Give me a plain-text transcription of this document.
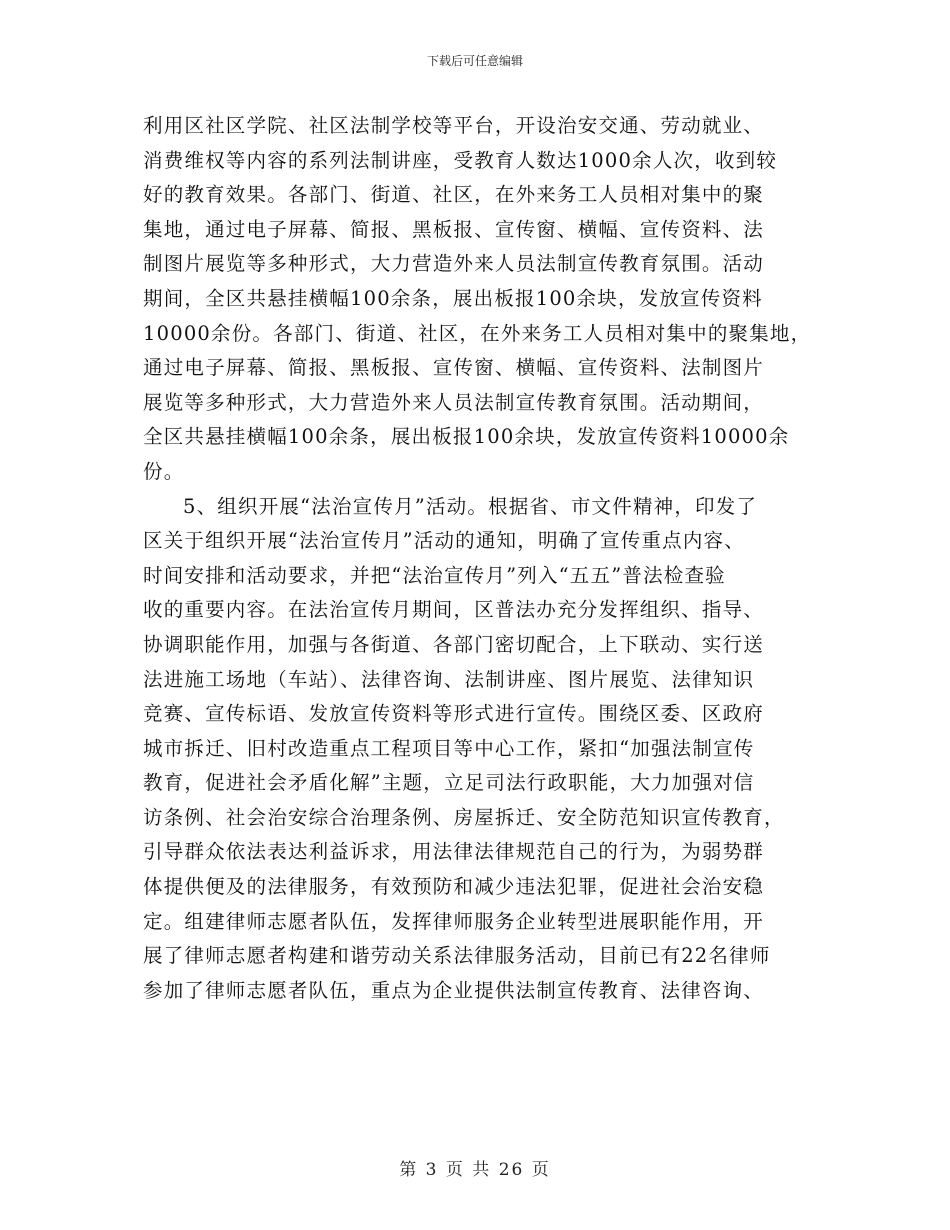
下载后可任意编辑
利用区社区学院、社区法制学校等平台，开设治安交通、劳动就业、
消费维权等内容的系列法制讲座，受教育人数达1000余人次，收到较
好的教育效果。各部门、街道、社区，在外来务工人员相对集中的聚
集地，通过电子屏幕、简报、黑板报、宣传窗、横幅、宣传资料、法
制图片展览等多种形式，大力营造外来人员法制宣传教育氛围。活动
期间，全区共悬挂横幅100余条，展出板报100余块，发放宣传资料
10000余份。各部门、街道、社区，在外来务工人员相对集中的聚集地，
通过电子屏幕、简报、黑板报、宣传窗、横幅、宣传资料、法制图片
展览等多种形式，大力营造外来人员法制宣传教育氛围。活动期间，
全区共悬挂横幅100余条，展出板报100余块，发放宣传资料10000余
份。
5、组织开展“法治宣传月”活动。根据省、市文件精神，印发了
区关于组织开展“法治宣传月”活动的通知，明确了宣传重点内容、
时间安排和活动要求，并把“法治宣传月”列入“五五”普法检查验
收的重要内容。在法治宣传月期间，区普法办充分发挥组织、指导、
协调职能作用，加强与各街道、各部门密切配合，上下联动、实行送
法进施工场地（车站）、法律咨询、法制讲座、图片展览、法律知识
竞赛、宣传标语、发放宣传资料等形式进行宣传。围绕区委、区政府
城市拆迁、旧村改造重点工程项目等中心工作，紧扣“加强法制宣传
教育，促进社会矛盾化解”主题，立足司法行政职能，大力加强对信
访条例、社会治安综合治理条例、房屋拆迁、安全防范知识宣传教育，
引导群众依法表达利益诉求，用法律法律规范自己的行为，为弱势群
体提供便及的法律服务，有效预防和减少违法犯罪，促进社会治安稳
定。组建律师志愿者队伍，发挥律师服务企业转型进展职能作用，开
展了律师志愿者构建和谐劳动关系法律服务活动，目前已有22名律师
参加了律师志愿者队伍，重点为企业提供法制宣传教育、法律咨询、
第 3 页 共 26 页
